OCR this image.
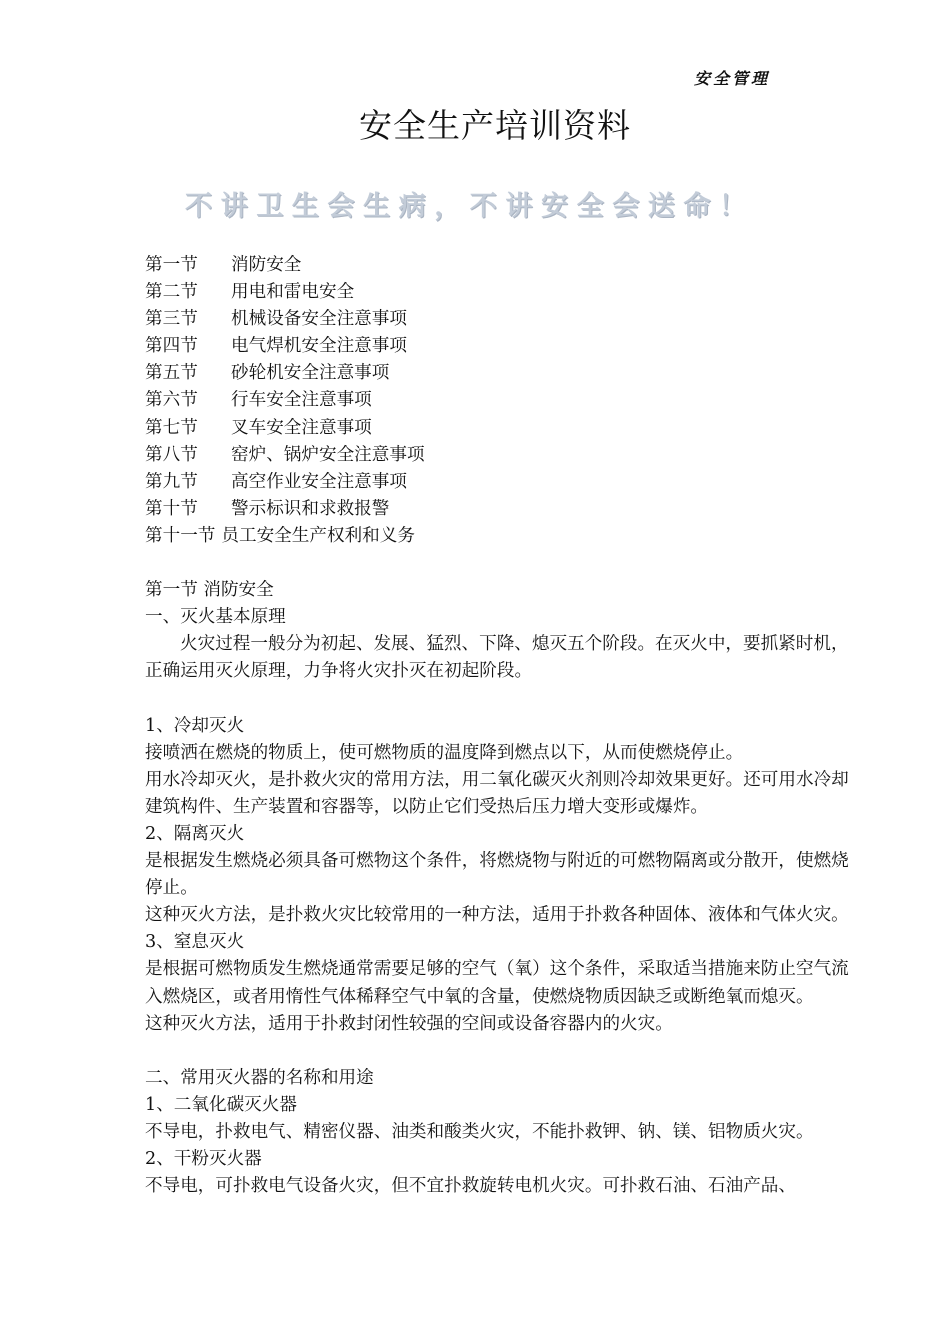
安全管理
安全生产培训资料
不讲卫生会生病，不讲安全会送命！
第一节	消防安全
第二节	用电和雷电安全
第三节	机械设备安全注意事项
第四节	电气焊机安全注意事项
第五节	砂轮机安全注意事项
第六节	行车安全注意事项
第七节	叉车安全注意事项
第八节	窑炉、锅炉安全注意事项
第九节	高空作业安全注意事项
第十节	警示标识和求救报警
第十一节 员工安全生产权利和义务
第一节 消防安全
一、灭火基本原理
火灾过程一般分为初起、发展、猛烈、下降、熄灭五个阶段。在灭火中，要抓紧时机，正确运用灭火原理，力争将火灾扑灭在初起阶段。
1、冷却灭火
接喷洒在燃烧的物质上，使可燃物质的温度降到燃点以下，从而使燃烧停止。
用水冷却灭火，是扑救火灾的常用方法，用二氧化碳灭火剂则冷却效果更好。还可用水冷却建筑构件、生产装置和容器等，以防止它们受热后压力增大变形或爆炸。
2、隔离灭火
是根据发生燃烧必须具备可燃物这个条件，将燃烧物与附近的可燃物隔离或分散开，使燃烧停止。
这种灭火方法，是扑救火灾比较常用的一种方法，适用于扑救各种固体、液体和气体火灾。
3、窒息灭火
是根据可燃物质发生燃烧通常需要足够的空气（氧）这个条件，采取适当措施来防止空气流入燃烧区，或者用惰性气体稀释空气中氧的含量，使燃烧物质因缺乏或断绝氧而熄灭。
这种灭火方法，适用于扑救封闭性较强的空间或设备容器内的火灾。
二、常用灭火器的名称和用途
1、二氧化碳灭火器
不导电，扑救电气、精密仪器、油类和酸类火灾，不能扑救钾、钠、镁、铝物质火灾。
2、干粉灭火器
不导电，可扑救电气设备火灾，但不宜扑救旋转电机火灾。可扑救石油、石油产品、
